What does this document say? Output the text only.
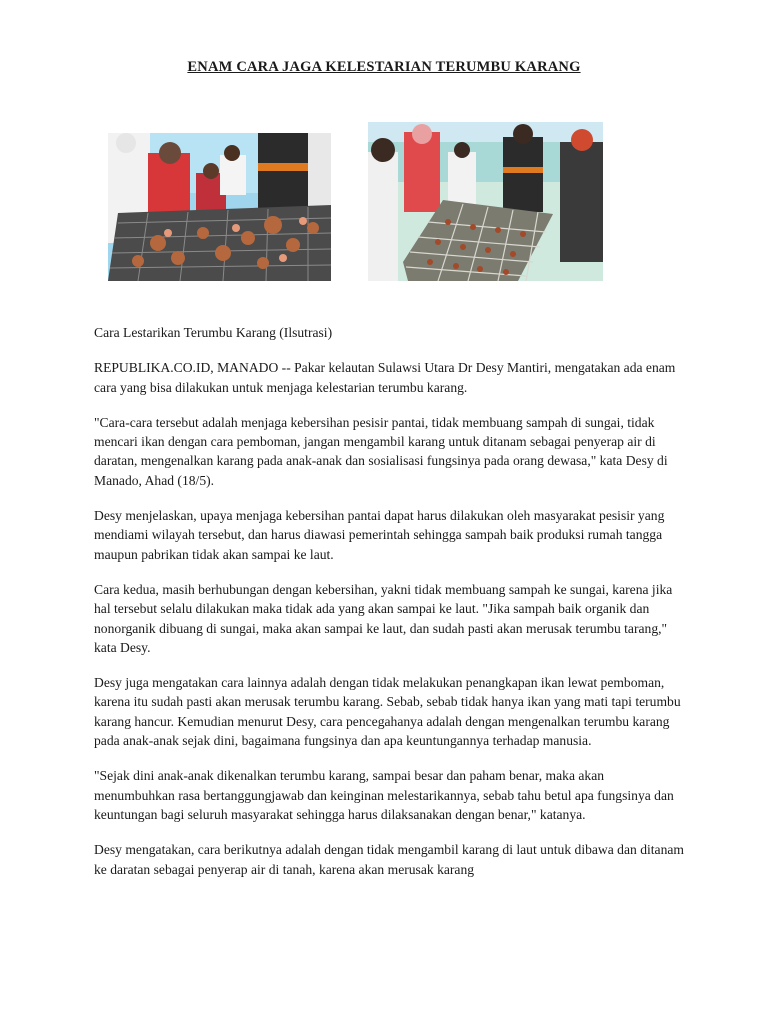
ENAM CARA JAGA KELESTARIAN TERUMBU KARANG

Cara Lestarikan Terumbu Karang (Ilsutrasi)

REPUBLIKA.CO.ID, MANADO -- Pakar kelautan Sulawsi Utara Dr Desy Mantiri, mengatakan ada enam cara yang bisa dilakukan untuk menjaga kelestarian terumbu karang.

"Cara-cara tersebut adalah menjaga kebersihan pesisir pantai, tidak membuang sampah di sungai, tidak mencari ikan dengan cara pemboman, jangan mengambil karang untuk ditanam sebagai penyerap air di daratan, mengenalkan karang pada anak-anak dan sosialisasi fungsinya pada orang dewasa," kata Desy di Manado, Ahad (18/5).

Desy menjelaskan, upaya menjaga kebersihan pantai dapat harus dilakukan oleh masyarakat pesisir yang mendiami wilayah tersebut, dan harus diawasi pemerintah sehingga sampah baik produksi rumah tangga maupun pabrikan tidak akan sampai ke laut.

Cara kedua, masih berhubungan dengan kebersihan, yakni tidak membuang sampah ke sungai, karena jika hal tersebut selalu dilakukan maka tidak ada yang akan sampai ke laut. "Jika sampah baik organik dan nonorganik dibuang di sungai, maka akan sampai ke laut, dan sudah pasti akan merusak terumbu tarang," kata Desy.

Desy juga mengatakan cara lainnya adalah dengan tidak melakukan penangkapan ikan lewat pemboman, karena itu sudah pasti akan merusak terumbu karang. Sebab, sebab tidak hanya ikan yang mati tapi terumbu karang hancur. Kemudian menurut Desy, cara pencegahanya adalah dengan mengenalkan terumbu karang pada anak-anak sejak dini, bagaimana fungsinya dan apa keuntungannya terhadap manusia.

"Sejak dini anak-anak dikenalkan terumbu karang, sampai besar dan paham benar, maka akan menumbuhkan rasa bertanggungjawab dan keinginan melestarikannya, sebab tahu betul apa fungsinya dan keuntungan bagi seluruh masyarakat sehingga harus dilaksanakan dengan benar," katanya.

Desy mengatakan, cara berikutnya adalah dengan tidak mengambil karang di laut untuk dibawa dan ditanam ke daratan sebagai penyerap air di tanah, karena akan merusak karang
